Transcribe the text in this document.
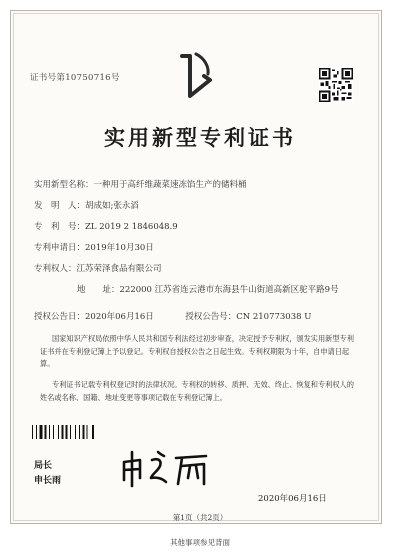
证书号第10750716号
实用新型专利证书
实用新型名称：一种用于高纤维蔬菜速冻馅生产的储料桶
发　明　人：胡成如;张永滔
专　利　号：ZL 2019 2 1846048.9
专利申请日：2019年10月30日
专利权人：江苏荣泽食品有限公司
地　　址：222000 江苏省连云港市东海县牛山街道高新区驼平路9号
授权公告日：2020年06月16日	授权公告号：CN 210773038 U
国家知识产权局依照中华人民共和国专利法经过初步审查，决定授予专利权，颁发实用新型专利证书并在专利登记簿上予以登记。专利权自授权公告之日起生效。专利权期限为十年，自申请日起算。
专利证书记载专利权登记时的法律状况。专利权的转移、质押、无效、终止、恢复和专利权人的姓名或名称、国籍、地址变更等事项记载在专利登记簿上。
局长
申长雨
2020年06月16日
第1页（共2页）
其他事项参见背面
